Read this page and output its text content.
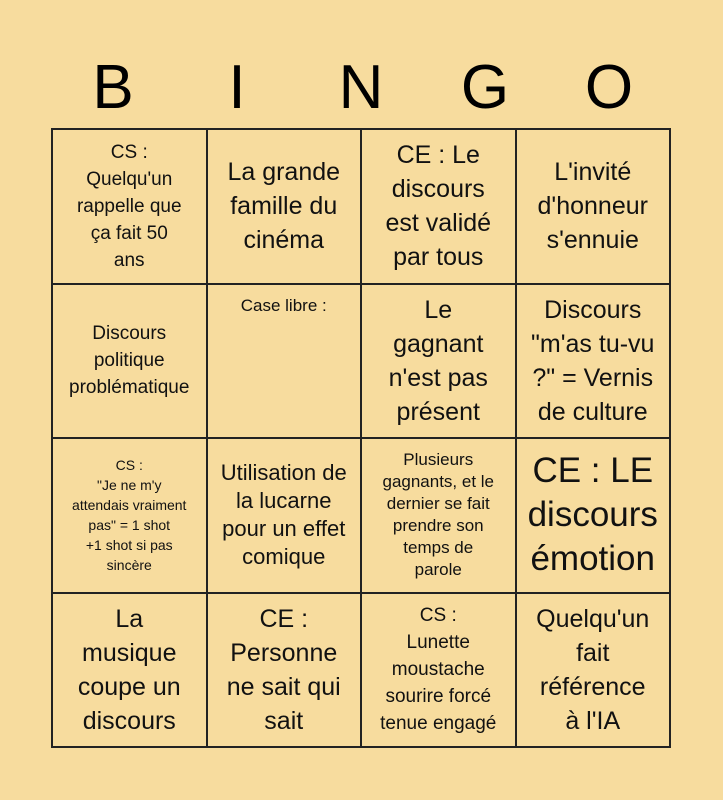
B	I	N	G	O
CS :
Quelqu'un
rappelle que
ça fait 50
ans
La grande
famille du
cinéma
CE : Le
discours
est validé
par tous
L'invité
d'honneur
s'ennuie
Discours
politique
problématique
Case libre :	Le
gagnant
n'est pas
présent
Discours
"m'as tu-vu
?" = Vernis
de culture
CS :
"Je ne m'y
attendais vraiment
pas" = 1 shot
+1 shot si pas
sincère
Utilisation de
la lucarne
pour un effet
comique
Plusieurs
gagnants, et le
dernier se fait
prendre son
temps de
parole
CE : LE
discours
émotion
La
musique
coupe un
discours
CE :
Personne
ne sait qui
sait
CS :
Lunette
moustache
sourire forcé
tenue engagé
Quelqu'un
fait
référence
à l'IA
